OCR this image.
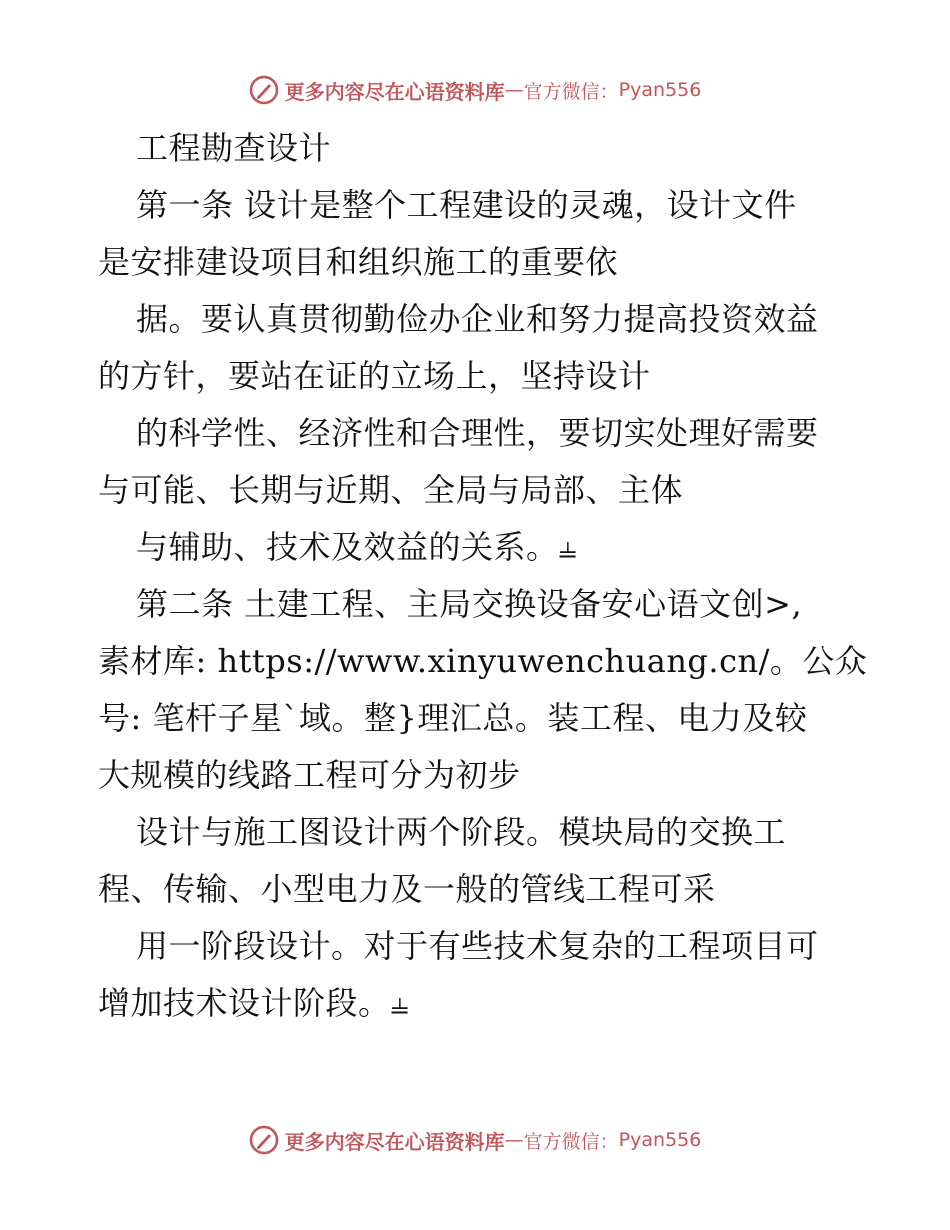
更多内容尽在心语资料库 — 官方微信： Pyan556
工程勘查设计
第一条 设计是整个工程建设的灵魂，设计文件
是安排建设项目和组织施工的重要依
据。要认真贯彻勤俭办企业和努力提高投资效益
的方针，要站在证的立场上，坚持设计
的科学性、经济性和合理性，要切实处理好需要
与可能、长期与近期、全局与局部、主体
与辅助、技术及效益的关系。⫨
第二条 土建工程、主局交换设备安心语文创>,
素材库: https://www.xinyuwenchuang.cn/。公众
号: 笔杆子星`域。整}理汇总。装工程、电力及较
大规模的线路工程可分为初步
设计与施工图设计两个阶段。模块局的交换工
程、传输、小型电力及一般的管线工程可采
用一阶段设计。对于有些技术复杂的工程项目可
增加技术设计阶段。⫨
更多内容尽在心语资料库 — 官方微信： Pyan556
